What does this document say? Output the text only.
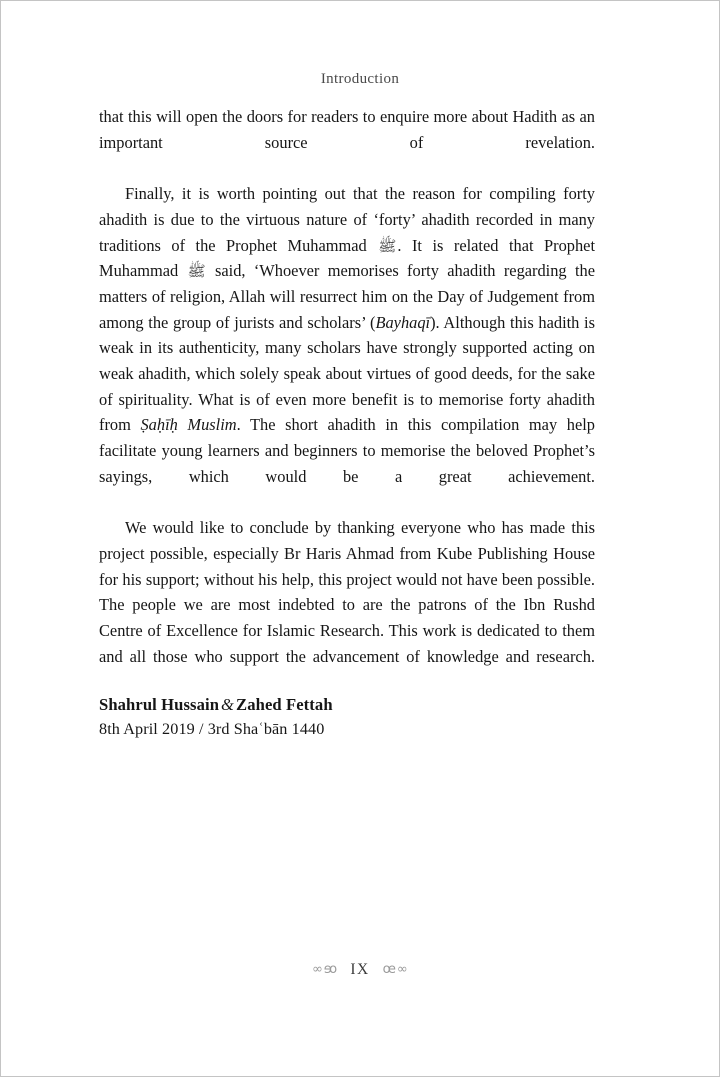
Introduction

that this will open the doors for readers to enquire more about Hadith as an important source of revelation.

Finally, it is worth pointing out that the reason for compiling forty ahadith is due to the virtuous nature of ‘forty’ ahadith recorded in many traditions of the Prophet Muhammad ﷺ. It is related that Prophet Muhammad ﷺ said, ‘Whoever memorises forty ahadith regarding the matters of religion, Allah will resurrect him on the Day of Judgement from among the group of jurists and scholars’ (Bayhaqī). Although this hadith is weak in its authenticity, many scholars have strongly supported acting on weak ahadith, which solely speak about virtues of good deeds, for the sake of spirituality. What is of even more benefit is to memorise forty ahadith from Ṣaḥīḥ Muslim. The short ahadith in this compilation may help facilitate young learners and beginners to memorise the beloved Prophet’s sayings, which would be a great achievement.

We would like to conclude by thanking everyone who has made this project possible, especially Br Haris Ahmad from Kube Publishing House for his support; without his help, this project would not have been possible. The people we are most indebted to are the patrons of the Ibn Rushd Centre of Excellence for Islamic Research. This work is dedicated to them and all those who support the advancement of knowledge and research.

Shahrul Hussain & Zahed Fettah
8th April 2019 / 3rd Shaʿbān 1440
œ∞ IX œ∞
